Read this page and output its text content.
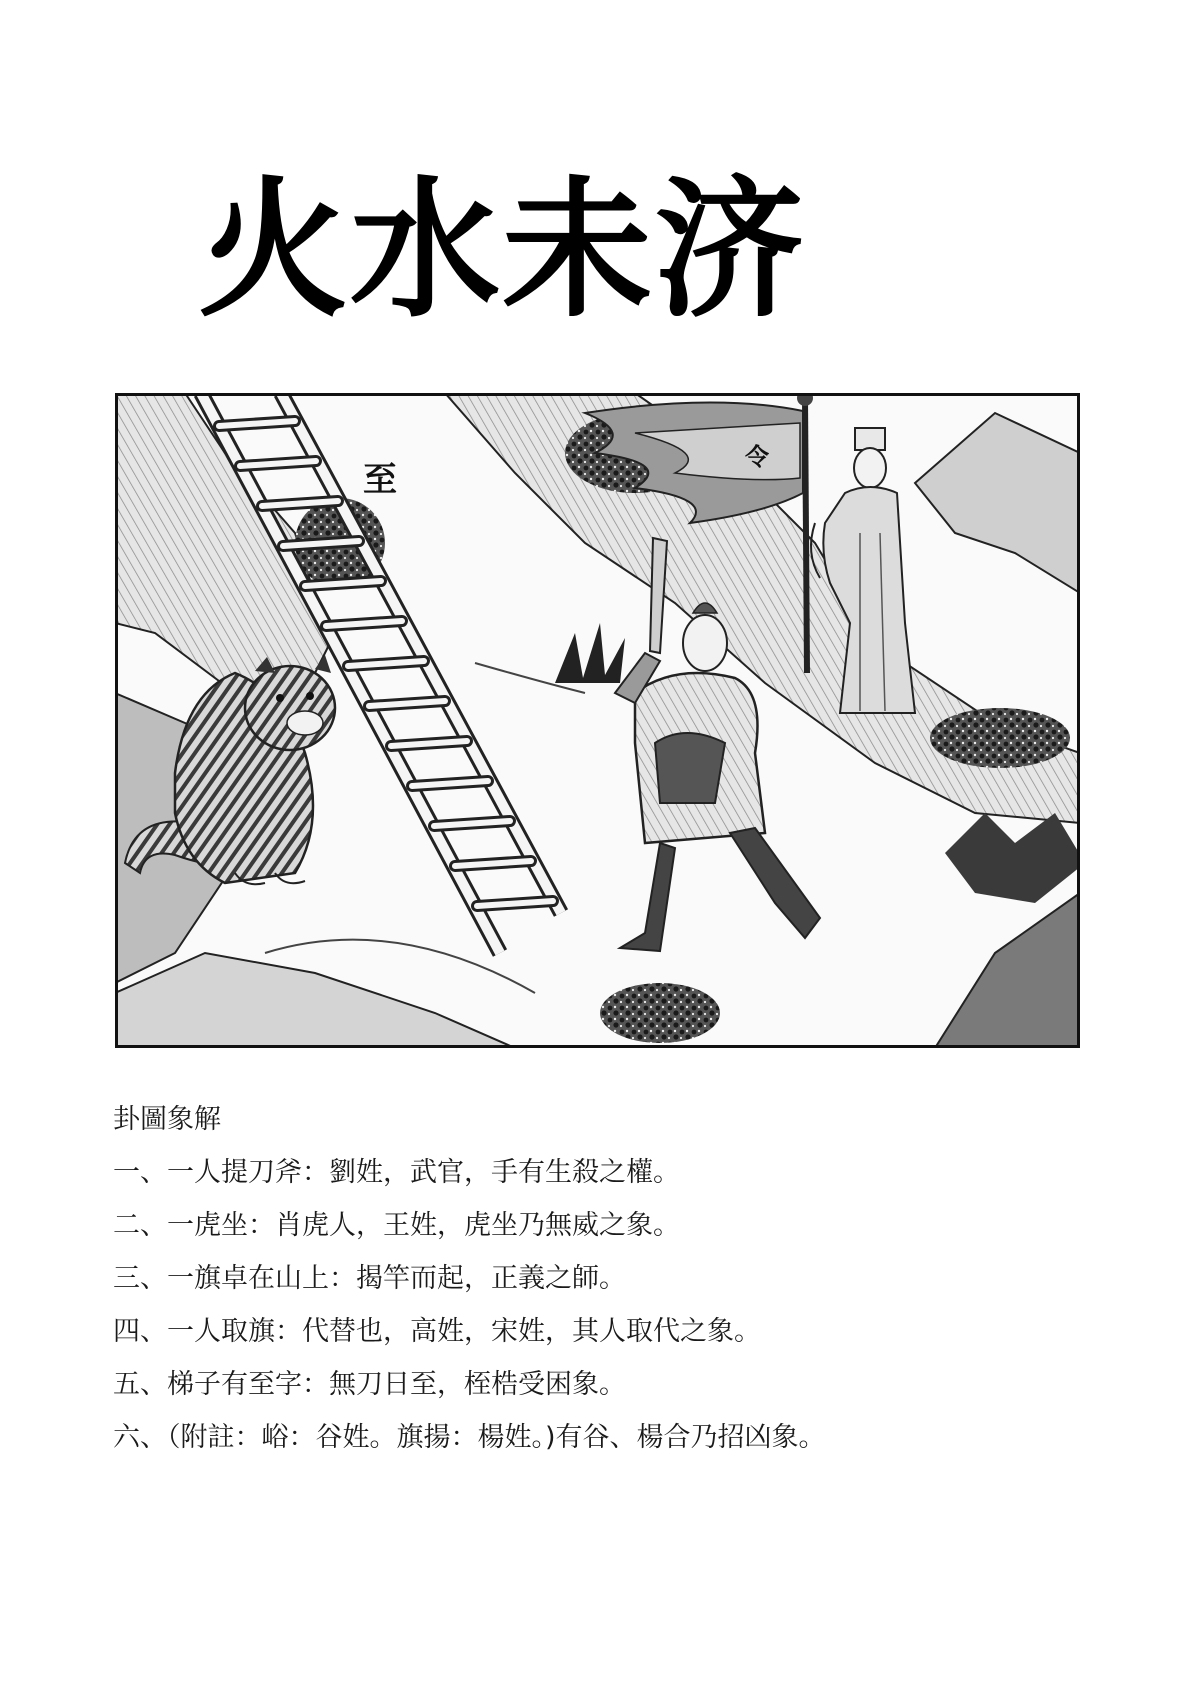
火水未济
至
令
卦圖象解
一、一人提刀斧：劉姓，武官，手有生殺之權。
二、一虎坐：肖虎人，王姓，虎坐乃無威之象。
三、一旗卓在山上：揭竿而起，正義之師。
四、一人取旗：代替也，高姓，宋姓，其人取代之象。
五、梯子有至字：無刀日至，桎梏受困象。
六、（附註：峪：谷姓。旗揚：楊姓。)有谷、楊合乃招凶象。
